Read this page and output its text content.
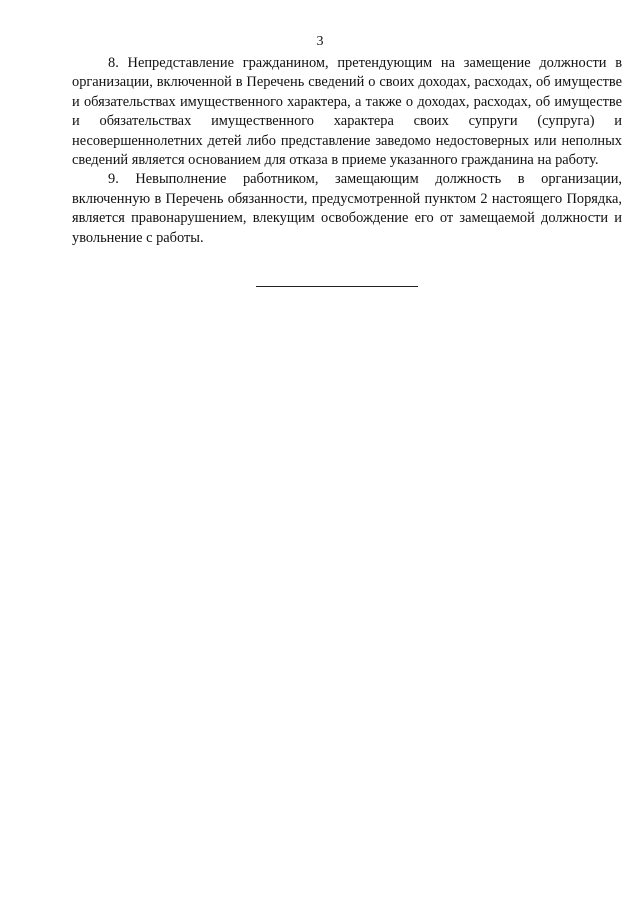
3

8. Непредставление гражданином, претендующим на замещение должности в организации, включенной в Перечень сведений о своих доходах, расходах, об имуществе и обязательствах имущественного характера, а также о доходах, расходах, об имуществе и обязательствах имущественного характера своих супруги (супруга) и несовершеннолетних детей либо представление заведомо недостоверных или неполных сведений является основанием для отказа в приеме указанного гражданина на работу.

9. Невыполнение работником, замещающим должность в организации, включенную в Перечень обязанности, предусмотренной пунктом 2 настоящего Порядка, является правонарушением, влекущим освобождение его от замещаемой должности и увольнение с работы.
